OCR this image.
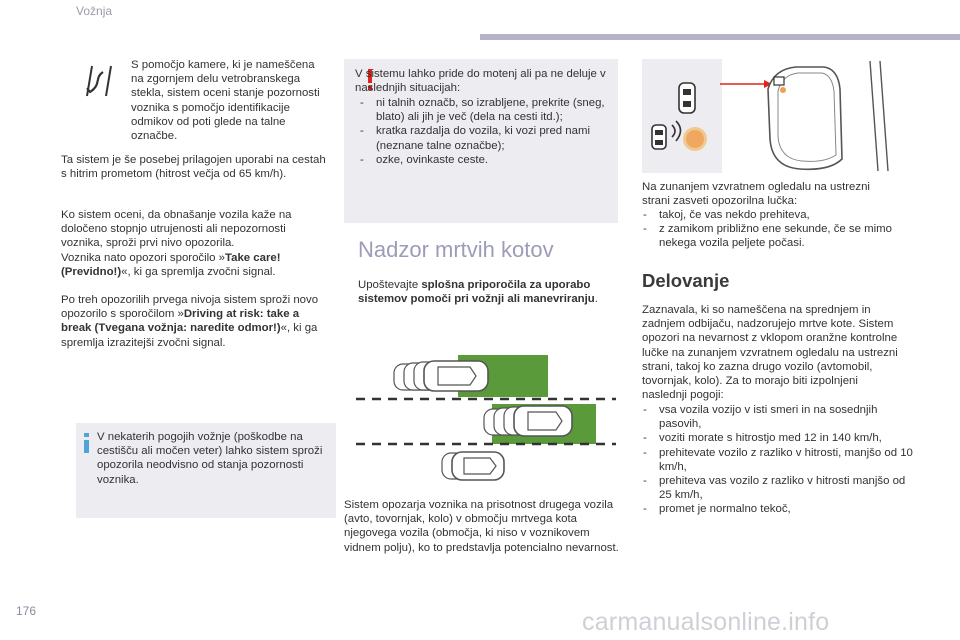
Vožnja
S pomočjo kamere, ki je nameščena na zgornjem delu vetrobranskega stekla, sistem oceni stanje pozornosti voznika s pomočjo identifikacije odmikov od poti glede na talne označbe.
Ta sistem je še posebej prilagojen uporabi na cestah s hitrim prometom (hitrost večja od 65 km/h).
Ko sistem oceni, da obnašanje vozila kaže na določeno stopnjo utrujenosti ali nepozornosti voznika, sproži prvi nivo opozorila.
Voznika nato opozori sporočilo »Take care! (Previdno!)«, ki ga spremlja zvočni signal.
Po treh opozorilih prvega nivoja sistem sproži novo opozorilo s sporočilom »Driving at risk: take a break (Tvegana vožnja: naredite odmor!)«, ki ga spremlja izrazitejši zvočni signal.
V nekaterih pogojih vožnje (poškodbe na cestišču ali močen veter) lahko sistem sproži opozorila neodvisno od stanja pozornosti voznika.
V sistemu lahko pride do motenj ali pa ne deluje v naslednjih situacijah:
- ni talnih označb, so izrabljene, prekrite (sneg, blato) ali jih je več (dela na cesti itd.);
- kratka razdalja do vozila, ki vozi pred nami (neznane talne označbe);
- ozke, ovinkaste ceste.
Nadzor mrtvih kotov
Upoštevajte splošna priporočila za uporabo sistemov pomoči pri vožnji ali manevriranju.
Sistem opozarja voznika na prisotnost drugega vozila (avto, tovornjak, kolo) v območju mrtvega kota njegovega vozila (območja, ki niso v voznikovem vidnem polju), ko to predstavlja potencialno nevarnost.
Na zunanjem vzvratnem ogledalu na ustrezni strani zasveti opozorilna lučka:
- takoj, če vas nekdo prehiteva,
- z zamikom približno ene sekunde, če se mimo nekega vozila peljete počasi.
Delovanje
Zaznavala, ki so nameščena na sprednjem in zadnjem odbijaču, nadzorujejo mrtve kote. Sistem opozori na nevarnost z vklopom oranžne kontrolne lučke na zunanjem vzvratnem ogledalu na ustrezni strani, takoj ko zazna drugo vozilo (avtomobil, tovornjak, kolo). Za to morajo biti izpolnjeni naslednji pogoji:
- vsa vozila vozijo v isti smeri in na sosednjih pasovih,
- voziti morate s hitrostjo med 12 in 140 km/h,
- prehitevate vozilo z razliko v hitrosti, manjšo od 10 km/h,
- prehiteva vas vozilo z razliko v hitrosti manjšo od 25 km/h,
- promet je normalno tekoč,
176	carmanualsonline.info
